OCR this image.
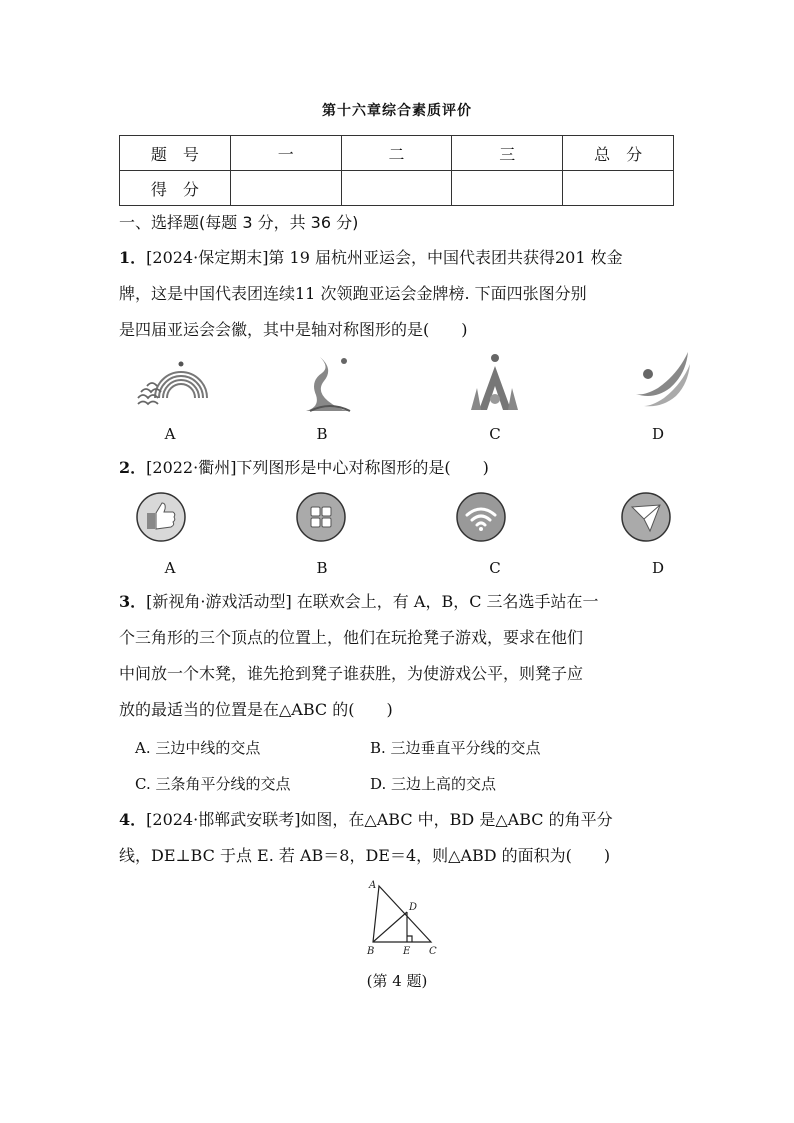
第十六章综合素质评价
题　号	一	二	三	总　分
得　分				
一、选择题(每题 3 分，共 36 分)
1．[2024·保定期末]第 19 届杭州亚运会，中国代表团共获得201 枚金
牌，这是中国代表团连续11 次领跑亚运会金牌榜. 下面四张图分别
是四届亚运会会徽，其中是轴对称图形的是(　　)
A	B	C	D
2．[2022·衢州]下列图形是中心对称图形的是(　　)
A	B	C	D
3．[新视角·游戏活动型] 在联欢会上，有 A，B，C 三名选手站在一
个三角形的三个顶点的位置上，他们在玩抢凳子游戏，要求在他们
中间放一个木凳，谁先抢到凳子谁获胜，为使游戏公平，则凳子应
放的最适当的位置是在△ABC 的(　　)
A. 三边中线的交点	B. 三边垂直平分线的交点
C. 三条角平分线的交点	D. 三边上高的交点
4．[2024·邯郸武安联考]如图，在△ABC 中，BD 是△ABC 的角平分
线，DE⊥BC 于点 E. 若 AB＝8，DE＝4，则△ABD 的面积为(　　)
A
B	C
D
E
(第 4 题)
